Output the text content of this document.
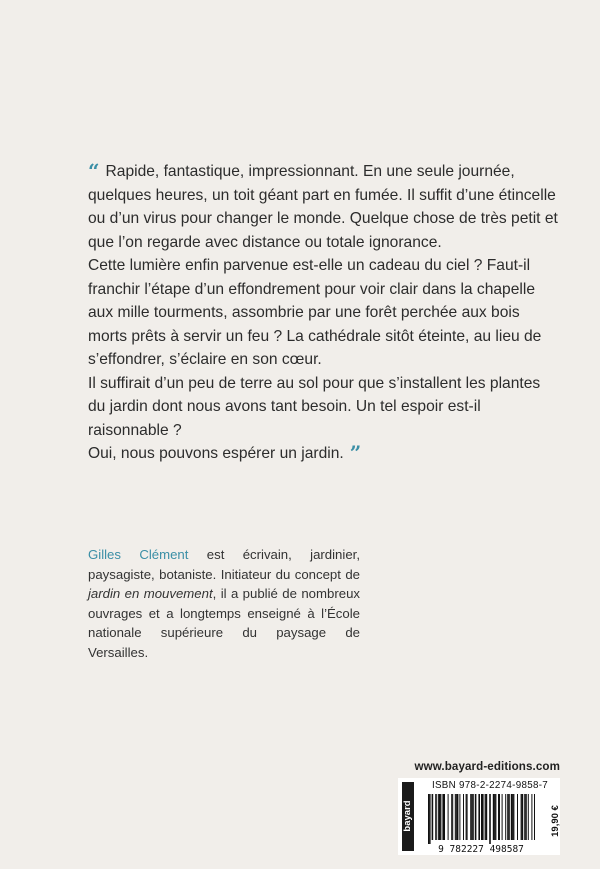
“ Rapide, fantastique, impressionnant. En une seule journée, quelques heures, un toit géant part en fumée. Il suffit d’une étincelle ou d’un virus pour changer le monde. Quelque chose de très petit et que l’on regarde avec distance ou totale ignorance.

Cette lumière enfin parvenue est-elle un cadeau du ciel ? Faut-il franchir l’étape d’un effondrement pour voir clair dans la chapelle aux mille tourments, assombrie par une forêt perchée aux bois morts prêts à servir un feu ? La cathédrale sitôt éteinte, au lieu de s’effondrer, s’éclaire en son cœur.

Il suffirait d’un peu de terre au sol pour que s’installent les plantes du jardin dont nous avons tant besoin. Un tel espoir est-il raisonnable ?

Oui, nous pouvons espérer un jardin. ”

Gilles Clément est écrivain, jardinier, paysagiste, botaniste. Initiateur du concept de jardin en mouvement, il a publié de nombreux ouvrages et a longtemps enseigné à l’École nationale supérieure du paysage de Versailles.
www.bayard-editions.com
bayard
ISBN 978-2-2274-9858-7
9 782227 498587
19,90 €
